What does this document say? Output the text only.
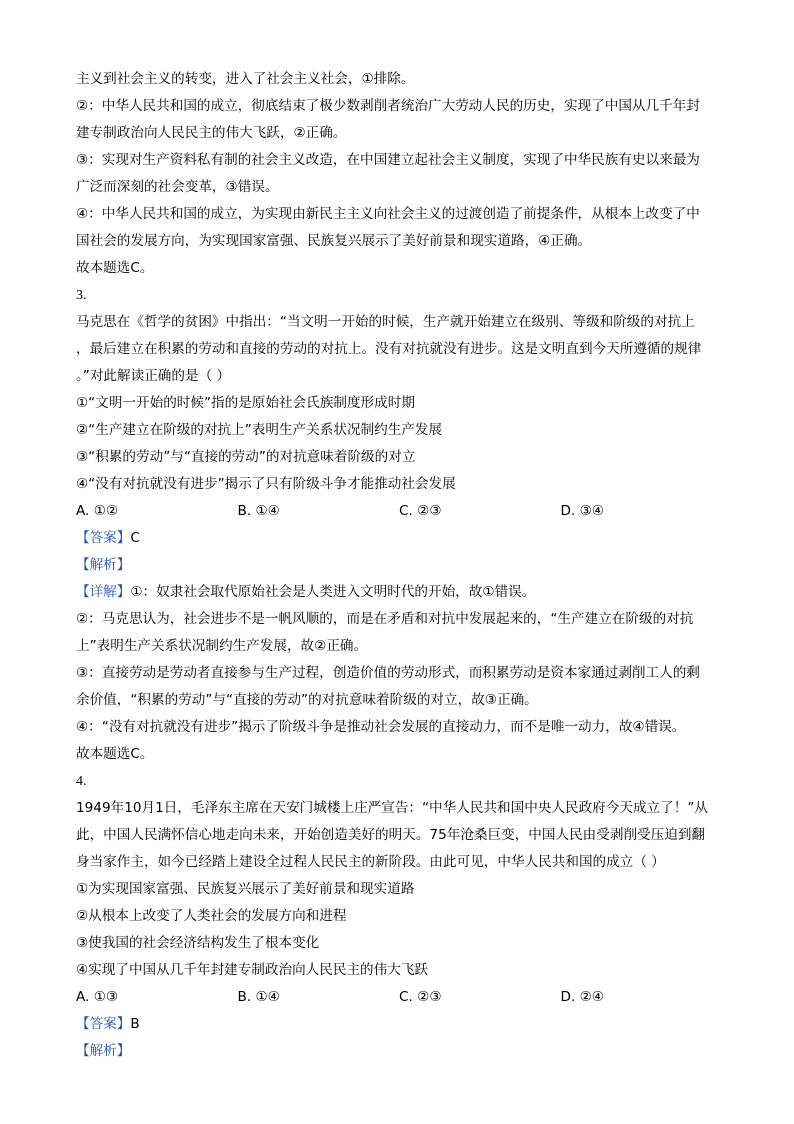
主义到社会主义的转变，进入了社会主义社会，①排除。
②：中华人民共和国的成立，彻底结束了极少数剥削者统治广大劳动人民的历史，实现了中国从几千年封
建专制政治向人民民主的伟大飞跃，②正确。
③：实现对生产资料私有制的社会主义改造，在中国建立起社会主义制度，实现了中华民族有史以来最为
广泛而深刻的社会变革，③错误。
④：中华人民共和国的成立，为实现由新民主主义向社会主义的过渡创造了前提条件，从根本上改变了中
国社会的发展方向，为实现国家富强、民族复兴展示了美好前景和现实道路，④正确。
故本题选C。
3.
马克思在《哲学的贫困》中指出：“当文明一开始的时候，生产就开始建立在级别、等级和阶级的对抗上
，最后建立在积累的劳动和直接的劳动的对抗上。没有对抗就没有进步。这是文明直到今天所遵循的规律
。”对此解读正确的是（ ）
①“文明一开始的时候”指的是原始社会氏族制度形成时期
②“生产建立在阶级的对抗上”表明生产关系状况制约生产发展
③“积累的劳动”与“直接的劳动”的对抗意味着阶级的对立
④“没有对抗就没有进步”揭示了只有阶级斗争才能推动社会发展
A. ①②	B. ①④	C. ②③	D. ③④
【答案】C
【解析】
【详解】①：奴隶社会取代原始社会是人类进入文明时代的开始，故①错误。
②：马克思认为，社会进步不是一帆风顺的，而是在矛盾和对抗中发展起来的，“生产建立在阶级的对抗
上”表明生产关系状况制约生产发展，故②正确。
③：直接劳动是劳动者直接参与生产过程，创造价值的劳动形式，而积累劳动是资本家通过剥削工人的剩
余价值，“积累的劳动”与“直接的劳动”的对抗意味着阶级的对立，故③正确。
④：“没有对抗就没有进步”揭示了阶级斗争是推动社会发展的直接动力，而不是唯一动力，故④错误。
故本题选C。
4.
1949年10月1日，毛泽东主席在天安门城楼上庄严宣告：“中华人民共和国中央人民政府今天成立了！”从
此，中国人民满怀信心地走向未来，开始创造美好的明天。75年沧桑巨变，中国人民由受剥削受压迫到翻
身当家作主，如今已经踏上建设全过程人民民主的新阶段。由此可见，中华人民共和国的成立（ ）
①为实现国家富强、民族复兴展示了美好前景和现实道路
②从根本上改变了人类社会的发展方向和进程
③使我国的社会经济结构发生了根本变化
④实现了中国从几千年封建专制政治向人民民主的伟大飞跃
A. ①③	B. ①④	C. ②③	D. ②④
【答案】B
【解析】
